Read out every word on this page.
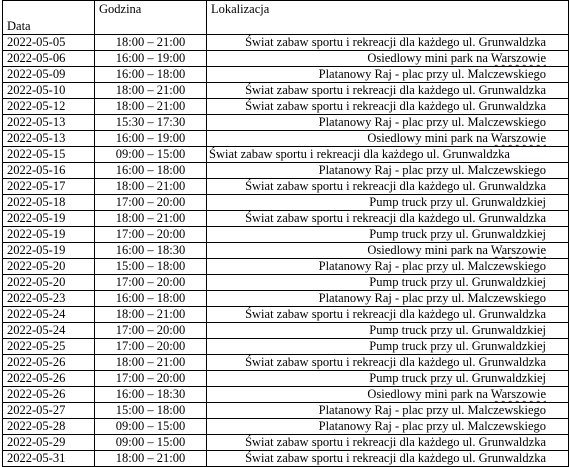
Data	Godzina	Lokalizacja
2022-05-05	18:00 – 21:00	Świat zabaw sportu i rekreacji dla każdego ul. Grunwaldzka
2022-05-06	16:00 – 19:00	Osiedlowy mini park na Warszowie
2022-05-09	16:00 – 18:00	Platanowy Raj - plac przy ul. Malczewskiego
2022-05-10	18:00 – 21:00	Świat zabaw sportu i rekreacji dla każdego ul. Grunwaldzka
2022-05-12	18:00 – 21:00	Świat zabaw sportu i rekreacji dla każdego ul. Grunwaldzka
2022-05-13	15:30 – 17:30	Platanowy Raj - plac przy ul. Malczewskiego
2022-05-13	16:00 – 19:00	Osiedlowy mini park na Warszowie
2022-05-15	09:00 – 15:00	Świat zabaw sportu i rekreacji dla każdego ul. Grunwaldzka
2022-05-16	16:00 – 18:00	Platanowy Raj - plac przy ul. Malczewskiego
2022-05-17	18:00 – 21:00	Świat zabaw sportu i rekreacji dla każdego ul. Grunwaldzka
2022-05-18	17:00 – 20:00	Pump truck przy ul. Grunwaldzkiej
2022-05-19	18:00 – 21:00	Świat zabaw sportu i rekreacji dla każdego ul. Grunwaldzka
2022-05-19	17:00 – 20:00	Pump truck przy ul. Grunwaldzkiej
2022-05-19	16:00 – 18:30	Osiedlowy mini park na Warszowie
2022-05-20	15:00 – 18:00	Platanowy Raj - plac przy ul. Malczewskiego
2022-05-20	17:00 – 20:00	Pump truck przy ul. Grunwaldzkiej
2022-05-23	16:00 – 18:00	Platanowy Raj - plac przy ul. Malczewskiego
2022-05-24	18:00 – 21:00	Świat zabaw sportu i rekreacji dla każdego ul. Grunwaldzka
2022-05-24	17:00 – 20:00	Pump truck przy ul. Grunwaldzkiej
2022-05-25	17:00 – 20:00	Pump truck przy ul. Grunwaldzkiej
2022-05-26	18:00 – 21:00	Świat zabaw sportu i rekreacji dla każdego ul. Grunwaldzka
2022-05-26	17:00 – 20:00	Pump truck przy ul. Grunwaldzkiej
2022-05-26	16:00 – 18:30	Osiedlowy mini park na Warszowie
2022-05-27	15:00 – 18:00	Platanowy Raj - plac przy ul. Malczewskiego
2022-05-28	09:00 – 15:00	Platanowy Raj - plac przy ul. Malczewskiego
2022-05-29	09:00 – 15:00	Świat zabaw sportu i rekreacji dla każdego ul. Grunwaldzka
2022-05-31	18:00 – 21:00	Świat zabaw sportu i rekreacji dla każdego ul. Grunwaldzka
